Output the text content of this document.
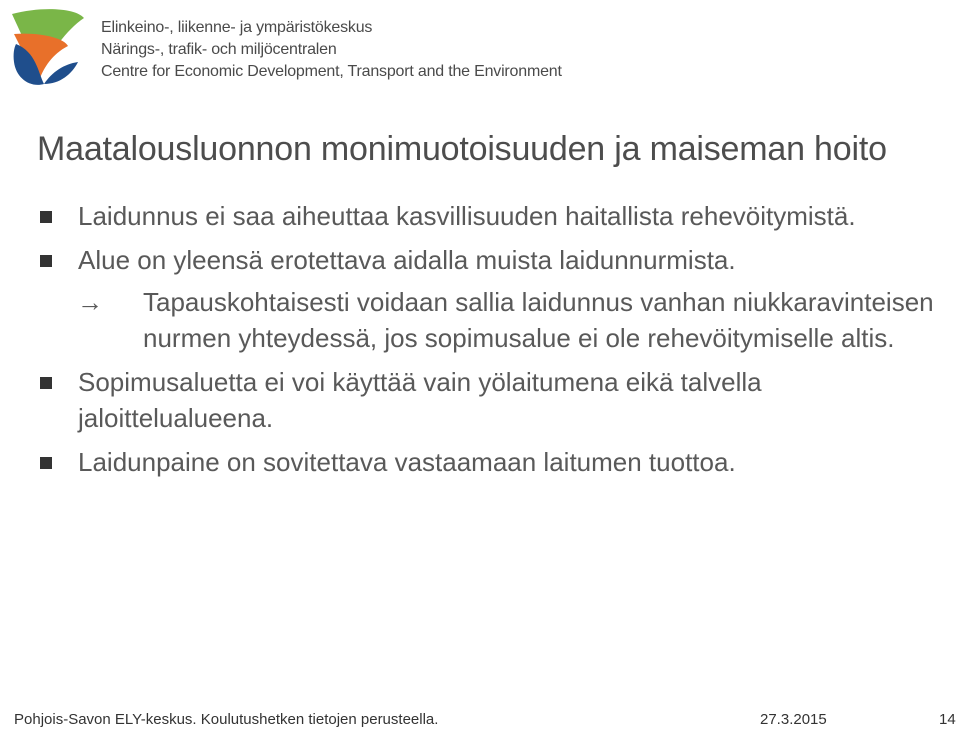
Elinkeino-, liikenne- ja ympäristökeskus
Närings-, trafik- och miljöcentralen
Centre for Economic Development, Transport and the Environment
Maatalousluonnon monimuotoisuuden ja maiseman hoito
Laidunnus ei saa aiheuttaa kasvillisuuden haitallista rehevöitymistä.
Alue on yleensä erotettava aidalla muista laidunnurmista.
→ Tapauskohtaisesti voidaan sallia laidunnus vanhan niukkaravinteisen nurmen yhteydessä, jos sopimusalue ei ole rehevöitymiselle altis.
Sopimusaluetta ei voi käyttää vain yölaitumena eikä talvella jaloittelualueena.
Laidunpaine on sovitettava vastaamaan laitumen tuottoa.
Pohjois-Savon ELY-keskus. Koulutushetken tietojen perusteella.	27.3.2015	14
